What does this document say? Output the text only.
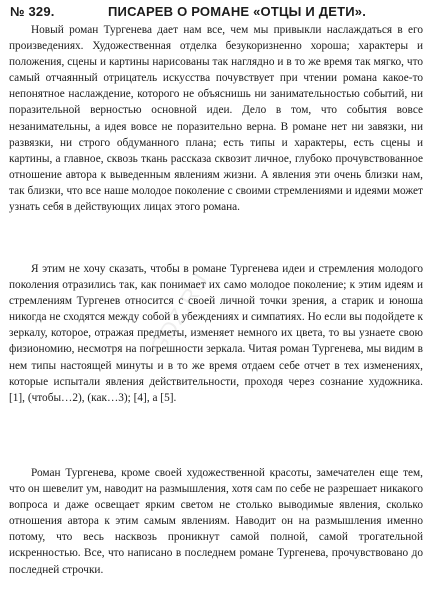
№ 329.	ПИСАРЕВ О РОМАНЕ «ОТЦЫ И ДЕТИ».

Новый роман Тургенева дает нам все, чем мы привыкли наслаждаться в его произведениях. Художественная отделка безукоризненно хороша; характеры и положения, сцены и картины нарисованы так наглядно и в то же время так мягко, что самый отчаянный отрицатель искусства почувствует при чтении романа какое-то непонятное наслаждение, которого не объяснишь ни занимательностью событий, ни поразительной верностью основной идеи. Дело в том, что события вовсе незанимательны, а идея вовсе не поразительно верна. В романе нет ни завязки, ни развязки, ни строго обдуманного плана; есть типы и характеры, есть сцены и картины, а главное, сквозь ткань рассказа сквозит личное, глубоко прочувствованное отношение автора к выведенным явлениям жизни. А явления эти очень близки нам, так близки, что все наше молодое поколение с своими стремлениями и идеями может узнать себя в действующих лицах этого романа.

Я этим не хочу сказать, чтобы в романе Тургенева идеи и стремления молодого поколения отразились так, как понимает их само молодое поколение; к этим идеям и стремлениям Тургенев относится с своей личной точки зрения, а старик и юноша никогда не сходятся между собой в убеждениях и симпатиях. Но если вы подойдете к зеркалу, которое, отражая предметы, изменяет немного их цвета, то вы узнаете свою физиономию, несмотря на погрешности зеркала. Читая роман Тургенева, мы видим в нем типы настоящей минуты и в то же время отдаем себе отчет в тех изменениях, которые испытали явления действительности, проходя через сознание художника. [1], (чтобы…2), (как…3); [4], а [5].

Роман Тургенева, кроме своей художественной красоты, замечателен еще тем, что он шевелит ум, наводит на размышления, хотя сам по себе не разрешает никакого вопроса и даже освещает ярким светом не столько выводимые явления, сколько отношения автора к этим самым явлениям. Наводит он на размышления именно потому, что весь насквозь проникнут самой полной, самой трогательной искренностью. Все, что написано в последнем романе Тургенева, прочувствовано до последней строчки.

GDZ.RU
